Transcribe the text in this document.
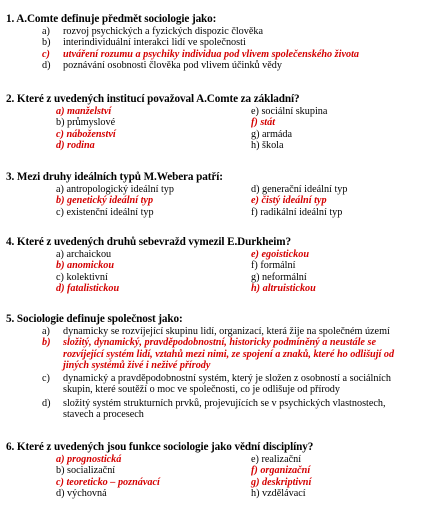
1. A.Comte definuje předmět sociologie jako:
a) rozvoj psychických a fyzických dispozic člověka
b) interindividuální interakci lidí ve společnosti
c) utváření rozumu a psychiky individua pod vlivem společenského života
d) poznávání osobnosti člověka pod vlivem účinků vědy
2. Které z uvedených institucí považoval A.Comte za základní?
a) manželství	e) sociální skupina
b) průmyslové	f) stát
c) náboženství	g) armáda
d) rodina	h) škola
3. Mezi druhy ideálních typů M.Webera patří:
a) antropologický ideální typ	d) generační ideální typ
b) genetický ideální typ	e) čistý ideální typ
c) existenční ideální typ	f) radikální ideální typ
4. Které z uvedených druhů sebevražd vymezil E.Durkheim?
a) archaickou	e) egoistickou
b) anomickou	f) formální
c) kolektivní	g) neformální
d) fatalistickou	h) altruistickou
5. Sociologie definuje společnost jako:
a) dynamicky se rozvíjející skupinu lidí, organizací, která žije na společném území
b) složitý, dynamický, pravděpodobnostní, historicky podmíněný a neustále se
rozvíjející systém lidí, vztahů mezi nimi, ze spojení a znaků, které ho odlišují od
jiných systémů živé i neživé přírody
c) dynamický a pravděpodobnostní systém, který je složen z osobností a sociálních
skupin, které soutěží o moc ve společnosti, co je odlišuje od přírody
d) složitý systém strukturních prvků, projevujících se v psychických vlastnostech,
stavech a procesech
6. Které z uvedených jsou funkce sociologie jako vědní disciplíny?
a) prognostická	e) realizační
b) socializační	f) organizační
c) teoreticko – poznávací	g) deskriptivní
d) výchovná	h) vzdělávací
